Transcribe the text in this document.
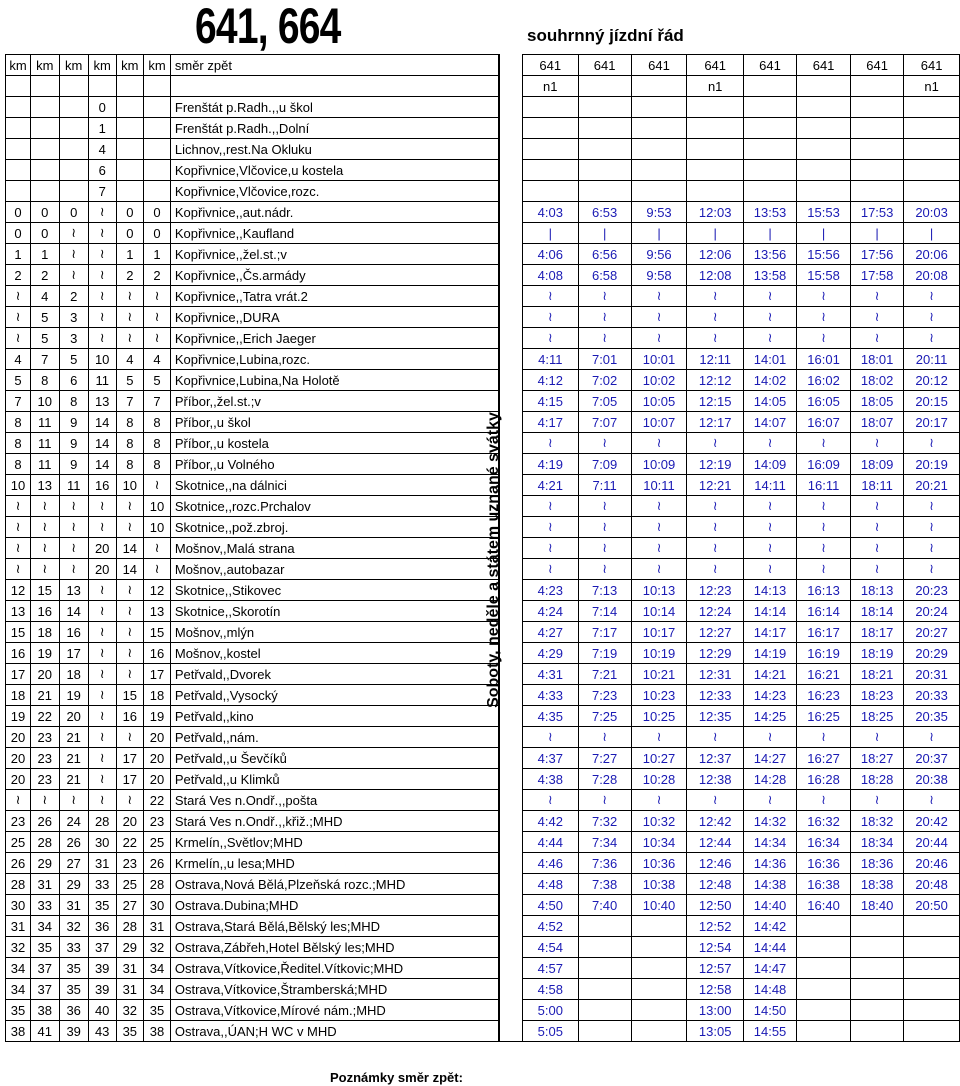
641, 664	souhrnný jízdní řád
km	km	km	km	km	km	směr zpět			641	641	641	641	641	641	641	641
									n1			n1				n1
			0			Frenštát p.Radh.,,u škol										
			1			Frenštát p.Radh.,,Dolní										
			4			Lichnov,,rest.Na Okluku										
			6			Kopřivnice,Vlčovice,u kostela										
			7			Kopřivnice,Vlčovice,rozc.										
0	0	0	≀	0	0	Kopřivnice,,aut.nádr.			4:03	6:53	9:53	12:03	13:53	15:53	17:53	20:03
0	0	≀	≀	0	0	Kopřivnice,,Kaufland			|	|	|	|	|	|	|	|
1	1	≀	≀	1	1	Kopřivnice,,žel.st.;v			4:06	6:56	9:56	12:06	13:56	15:56	17:56	20:06
2	2	≀	≀	2	2	Kopřivnice,,Čs.armády			4:08	6:58	9:58	12:08	13:58	15:58	17:58	20:08
≀	4	2	≀	≀	≀	Kopřivnice,,Tatra vrát.2			≀	≀	≀	≀	≀	≀	≀	≀
≀	5	3	≀	≀	≀	Kopřivnice,,DURA			≀	≀	≀	≀	≀	≀	≀	≀
≀	5	3	≀	≀	≀	Kopřivnice,,Erich Jaeger			≀	≀	≀	≀	≀	≀	≀	≀
4	7	5	10	4	4	Kopřivnice,Lubina,rozc.			4:11	7:01	10:01	12:11	14:01	16:01	18:01	20:11
5	8	6	11	5	5	Kopřivnice,Lubina,Na Holotě			4:12	7:02	10:02	12:12	14:02	16:02	18:02	20:12
7	10	8	13	7	7	Příbor,,žel.st.;v			4:15	7:05	10:05	12:15	14:05	16:05	18:05	20:15
8	11	9	14	8	8	Příbor,,u škol			4:17	7:07	10:07	12:17	14:07	16:07	18:07	20:17
8	11	9	14	8	8	Příbor,,u kostela			≀	≀	≀	≀	≀	≀	≀	≀
8	11	9	14	8	8	Příbor,,u Volného			4:19	7:09	10:09	12:19	14:09	16:09	18:09	20:19
10	13	11	16	10	≀	Skotnice,,na dálnici			4:21	7:11	10:11	12:21	14:11	16:11	18:11	20:21
≀	≀	≀	≀	≀	10	Skotnice,,rozc.Prchalov			≀	≀	≀	≀	≀	≀	≀	≀
≀	≀	≀	≀	≀	10	Skotnice,,pož.zbroj.			≀	≀	≀	≀	≀	≀	≀	≀
≀	≀	≀	20	14	≀	Mošnov,,Malá strana			≀	≀	≀	≀	≀	≀	≀	≀
≀	≀	≀	20	14	≀	Mošnov,,autobazar			≀	≀	≀	≀	≀	≀	≀	≀
12	15	13	≀	≀	12	Skotnice,,Stikovec			4:23	7:13	10:13	12:23	14:13	16:13	18:13	20:23
13	16	14	≀	≀	13	Skotnice,,Skorotín			4:24	7:14	10:14	12:24	14:14	16:14	18:14	20:24
15	18	16	≀	≀	15	Mošnov,,mlýn			4:27	7:17	10:17	12:27	14:17	16:17	18:17	20:27
16	19	17	≀	≀	16	Mošnov,,kostel			4:29	7:19	10:19	12:29	14:19	16:19	18:19	20:29
17	20	18	≀	≀	17	Petřvald,,Dvorek			4:31	7:21	10:21	12:31	14:21	16:21	18:21	20:31
18	21	19	≀	15	18	Petřvald,,Vysocký			4:33	7:23	10:23	12:33	14:23	16:23	18:23	20:33
19	22	20	≀	16	19	Petřvald,,kino			4:35	7:25	10:25	12:35	14:25	16:25	18:25	20:35
20	23	21	≀	≀	20	Petřvald,,nám.			≀	≀	≀	≀	≀	≀	≀	≀
20	23	21	≀	17	20	Petřvald,,u Ševčíků			4:37	7:27	10:27	12:37	14:27	16:27	18:27	20:37
20	23	21	≀	17	20	Petřvald,,u Klimků			4:38	7:28	10:28	12:38	14:28	16:28	18:28	20:38
≀	≀	≀	≀	≀	22	Stará Ves n.Ondř.,,pošta			≀	≀	≀	≀	≀	≀	≀	≀
23	26	24	28	20	23	Stará Ves n.Ondř.,,křiž.;MHD			4:42	7:32	10:32	12:42	14:32	16:32	18:32	20:42
25	28	26	30	22	25	Krmelín,,Světlov;MHD			4:44	7:34	10:34	12:44	14:34	16:34	18:34	20:44
26	29	27	31	23	26	Krmelín,,u lesa;MHD			4:46	7:36	10:36	12:46	14:36	16:36	18:36	20:46
28	31	29	33	25	28	Ostrava,Nová Bělá,Plzeňská rozc.;MHD			4:48	7:38	10:38	12:48	14:38	16:38	18:38	20:48
30	33	31	35	27	30	Ostrava.Dubina;MHD			4:50	7:40	10:40	12:50	14:40	16:40	18:40	20:50
31	34	32	36	28	31	Ostrava,Stará Bělá,Bělský les;MHD			4:52			12:52	14:42			
32	35	33	37	29	32	Ostrava,Zábřeh,Hotel Bělský les;MHD			4:54			12:54	14:44			
34	37	35	39	31	34	Ostrava,Vítkovice,Ředitel.Vítkovic;MHD			4:57			12:57	14:47			
34	37	35	39	31	34	Ostrava,Vítkovice,Štramberská;MHD			4:58			12:58	14:48			
35	38	36	40	32	35	Ostrava,Vítkovice,Mírové nám.;MHD			5:00			13:00	14:50			
38	41	39	43	35	38	Ostrava,,ÚAN;H WC v MHD			5:05			13:05	14:55			
Soboty, neděle a státem uznané svátky
Poznámky směr zpět:
